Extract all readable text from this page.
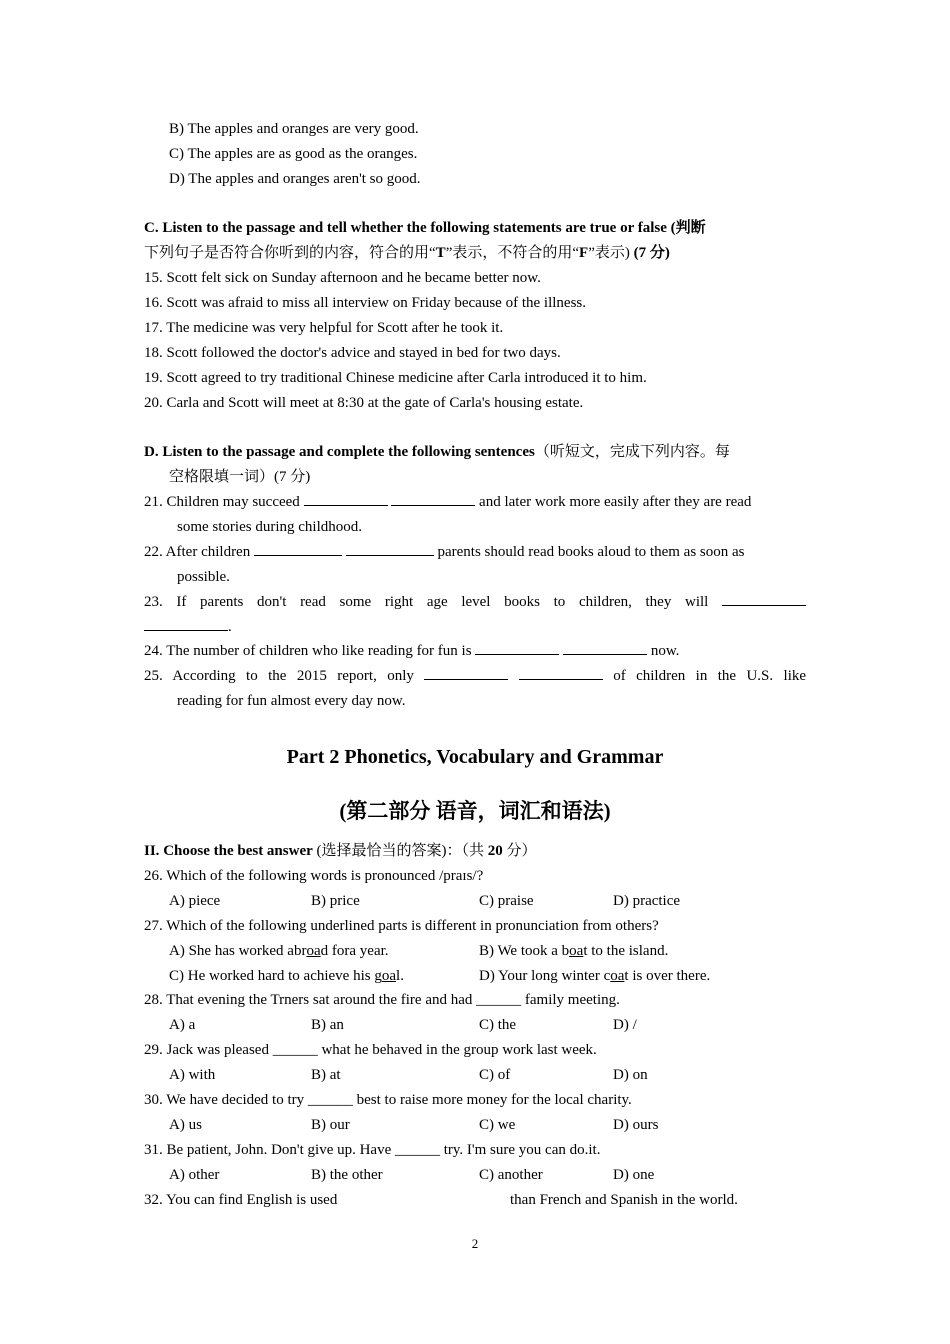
B) The apples and oranges are very good.
C) The apples are as good as the oranges.
D) The apples and oranges aren't so good.
C. Listen to the passage and tell whether the following statements are true or false (判断
下列句子是否符合你听到的内容，符合的用“T”表示，不符合的用“F”表示) (7 分)
15. Scott felt sick on Sunday afternoon and he became better now.
16. Scott was afraid to miss all interview on Friday because of the illness.
17. The medicine was very helpful for Scott after he took it.
18. Scott followed the doctor's advice and stayed in bed for two days.
19. Scott agreed to try traditional Chinese medicine after Carla introduced it to him.
20. Carla and Scott will meet at 8:30 at the gate of Carla's housing estate.
D. Listen to the passage and complete the following sentences（听短文，完成下列内容。每
空格限填一词）(7 分)
21. Children may succeed	and later work more easily after they are read
some stories during childhood.
22. After children	parents should read books aloud to them as soon as
possible.
23. If parents don't read some right age level books to children, they will
.
24. The number of children who like reading for fun is	now.
25. According to the 2015 report, only	of children in the U.S. like
reading for fun almost every day now.
Part 2 Phonetics, Vocabulary and Grammar
(第二部分 语音，词汇和语法)
II. Choose the best answer (选择最恰当的答案)：（共 20 分）
26. Which of the following words is pronounced /praɪs/?
A) piece	B) price	C) praise	D) practice
27. Which of the following underlined parts is different in pronunciation from others?
A) She has worked abroad fora year.	B) We took a boat to the island.
C) He worked hard to achieve his goal.	D) Your long winter coat is over there.
28. That evening the Trners sat around the fire and had ______ family meeting.
A) a	B) an	C) the	D) /
29. Jack was pleased ______ what he behaved in the group work last week.
A) with	B) at	C) of	D) on
30. We have decided to try ______ best to raise more money for the local charity.
A) us	B) our	C) we	D) ours
31. Be patient, John. Don't give up. Have ______ try. I'm sure you can do.it.
A) other	B) the other	C) another	D) one
32. You can find English is used	than French and Spanish in the world.
2
